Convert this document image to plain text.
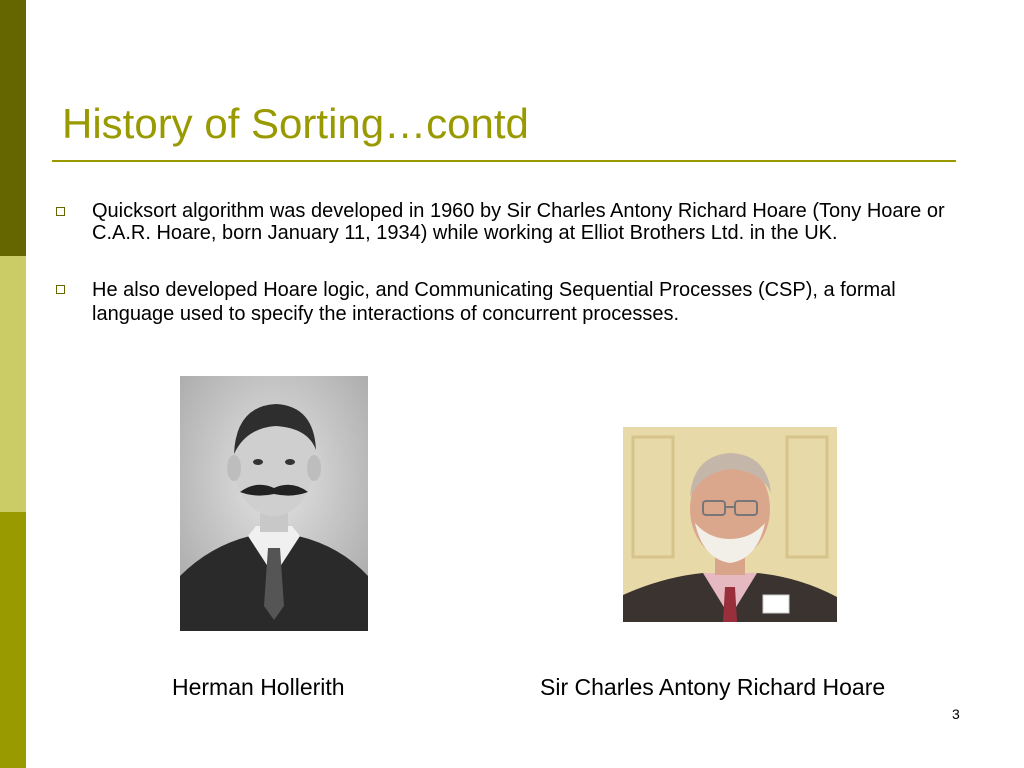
History of Sorting…contd
Quicksort algorithm was developed in 1960 by Sir Charles Antony Richard Hoare (Tony Hoare or C.A.R. Hoare, born January 11, 1934) while working at Elliot Brothers Ltd. in the UK.
He also developed Hoare logic, and Communicating Sequential Processes (CSP), a formal language used to specify the interactions of concurrent processes.
Herman Hollerith	Sir Charles Antony Richard Hoare
3
